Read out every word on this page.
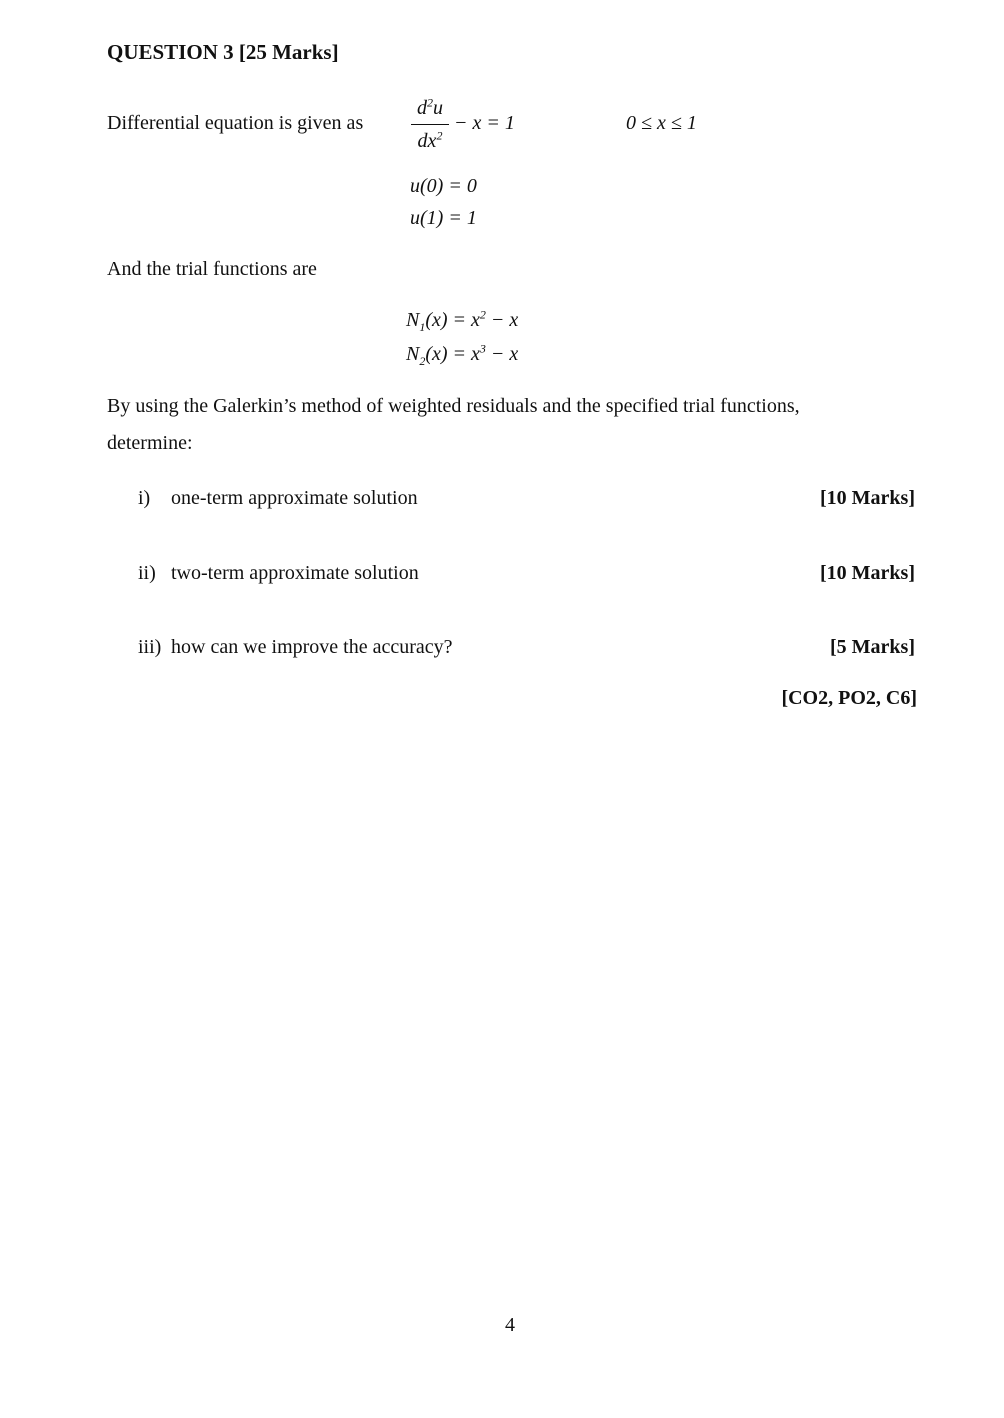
QUESTION 3 [25 Marks]
Differential equation is given as
$d^2u$
$dx^2$
− x = 1	0 ≤ x ≤ 1
u(0) = 0
u(1) = 1
And the trial functions are
$N_1(x) = x^2 - x$
$N_2(x) = x^3 - x$
By using the Galerkin’s method of weighted residuals and the specified trial functions,
determine:
i) one-term approximate solution	[10 Marks]
ii) two-term approximate solution	[10 Marks]
iii) how can we improve the accuracy?	[5 Marks]
[CO2, PO2, C6]
4
